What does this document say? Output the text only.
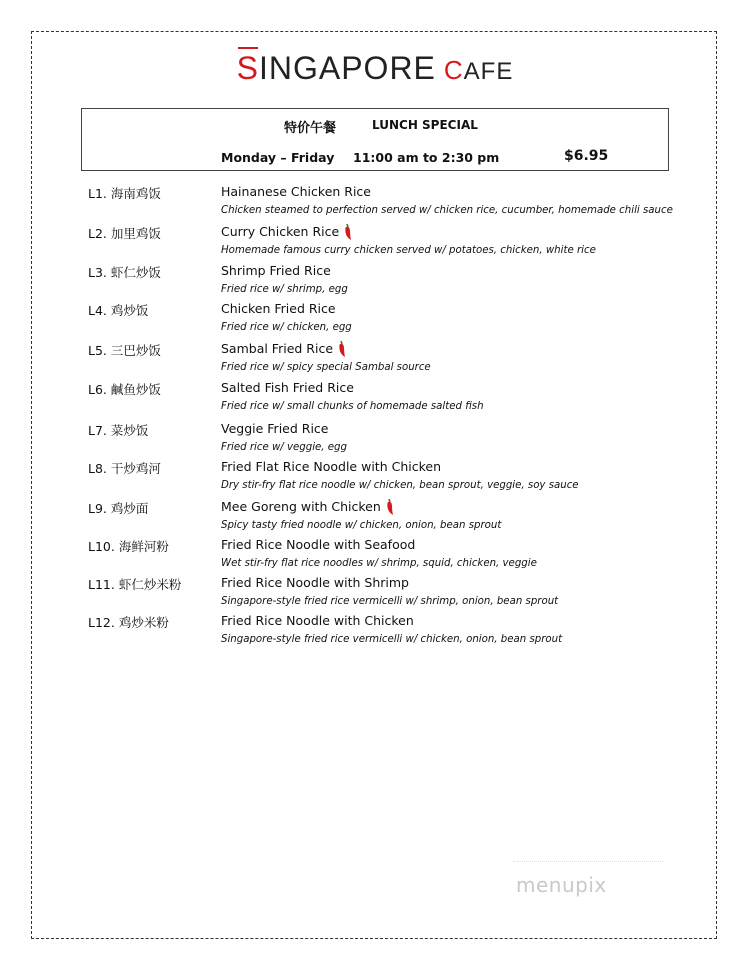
SINGAPORE CAFE
特价午餐	LUNCH SPECIAL
Monday – Friday 11:00 am to 2:30 pm	$6.95
L1. 海南鸡饭	Hainanese Chicken Rice
Chicken steamed to perfection served w/ chicken rice, cucumber, homemade chili sauce
L2. 加里鸡饭	Curry Chicken Rice
Homemade famous curry chicken served w/ potatoes, chicken, white rice
L3. 虾仁炒饭	Shrimp Fried Rice
Fried rice w/ shrimp, egg
L4. 鸡炒饭	Chicken Fried Rice
Fried rice w/ chicken, egg
L5. 三巴炒饭	Sambal Fried Rice
Fried rice w/ spicy special Sambal source
L6. 鹹鱼炒饭	Salted Fish Fried Rice
Fried rice w/ small chunks of homemade salted fish
L7. 菜炒饭	Veggie Fried Rice
Fried rice w/ veggie, egg
L8. 干炒鸡河	Fried Flat Rice Noodle with Chicken
Dry stir-fry flat rice noodle w/ chicken, bean sprout, veggie, soy sauce
L9. 鸡炒面	Mee Goreng with Chicken
Spicy tasty fried noodle w/ chicken, onion, bean sprout
L10. 海鲜河粉	Fried Rice Noodle with Seafood
Wet stir-fry flat rice noodles w/ shrimp, squid, chicken, veggie
L11. 虾仁炒米粉	Fried Rice Noodle with Shrimp
Singapore-style fried rice vermicelli w/ shrimp, onion, bean sprout
L12. 鸡炒米粉	Fried Rice Noodle with Chicken
Singapore-style fried rice vermicelli w/ chicken, onion, bean sprout
menupix
